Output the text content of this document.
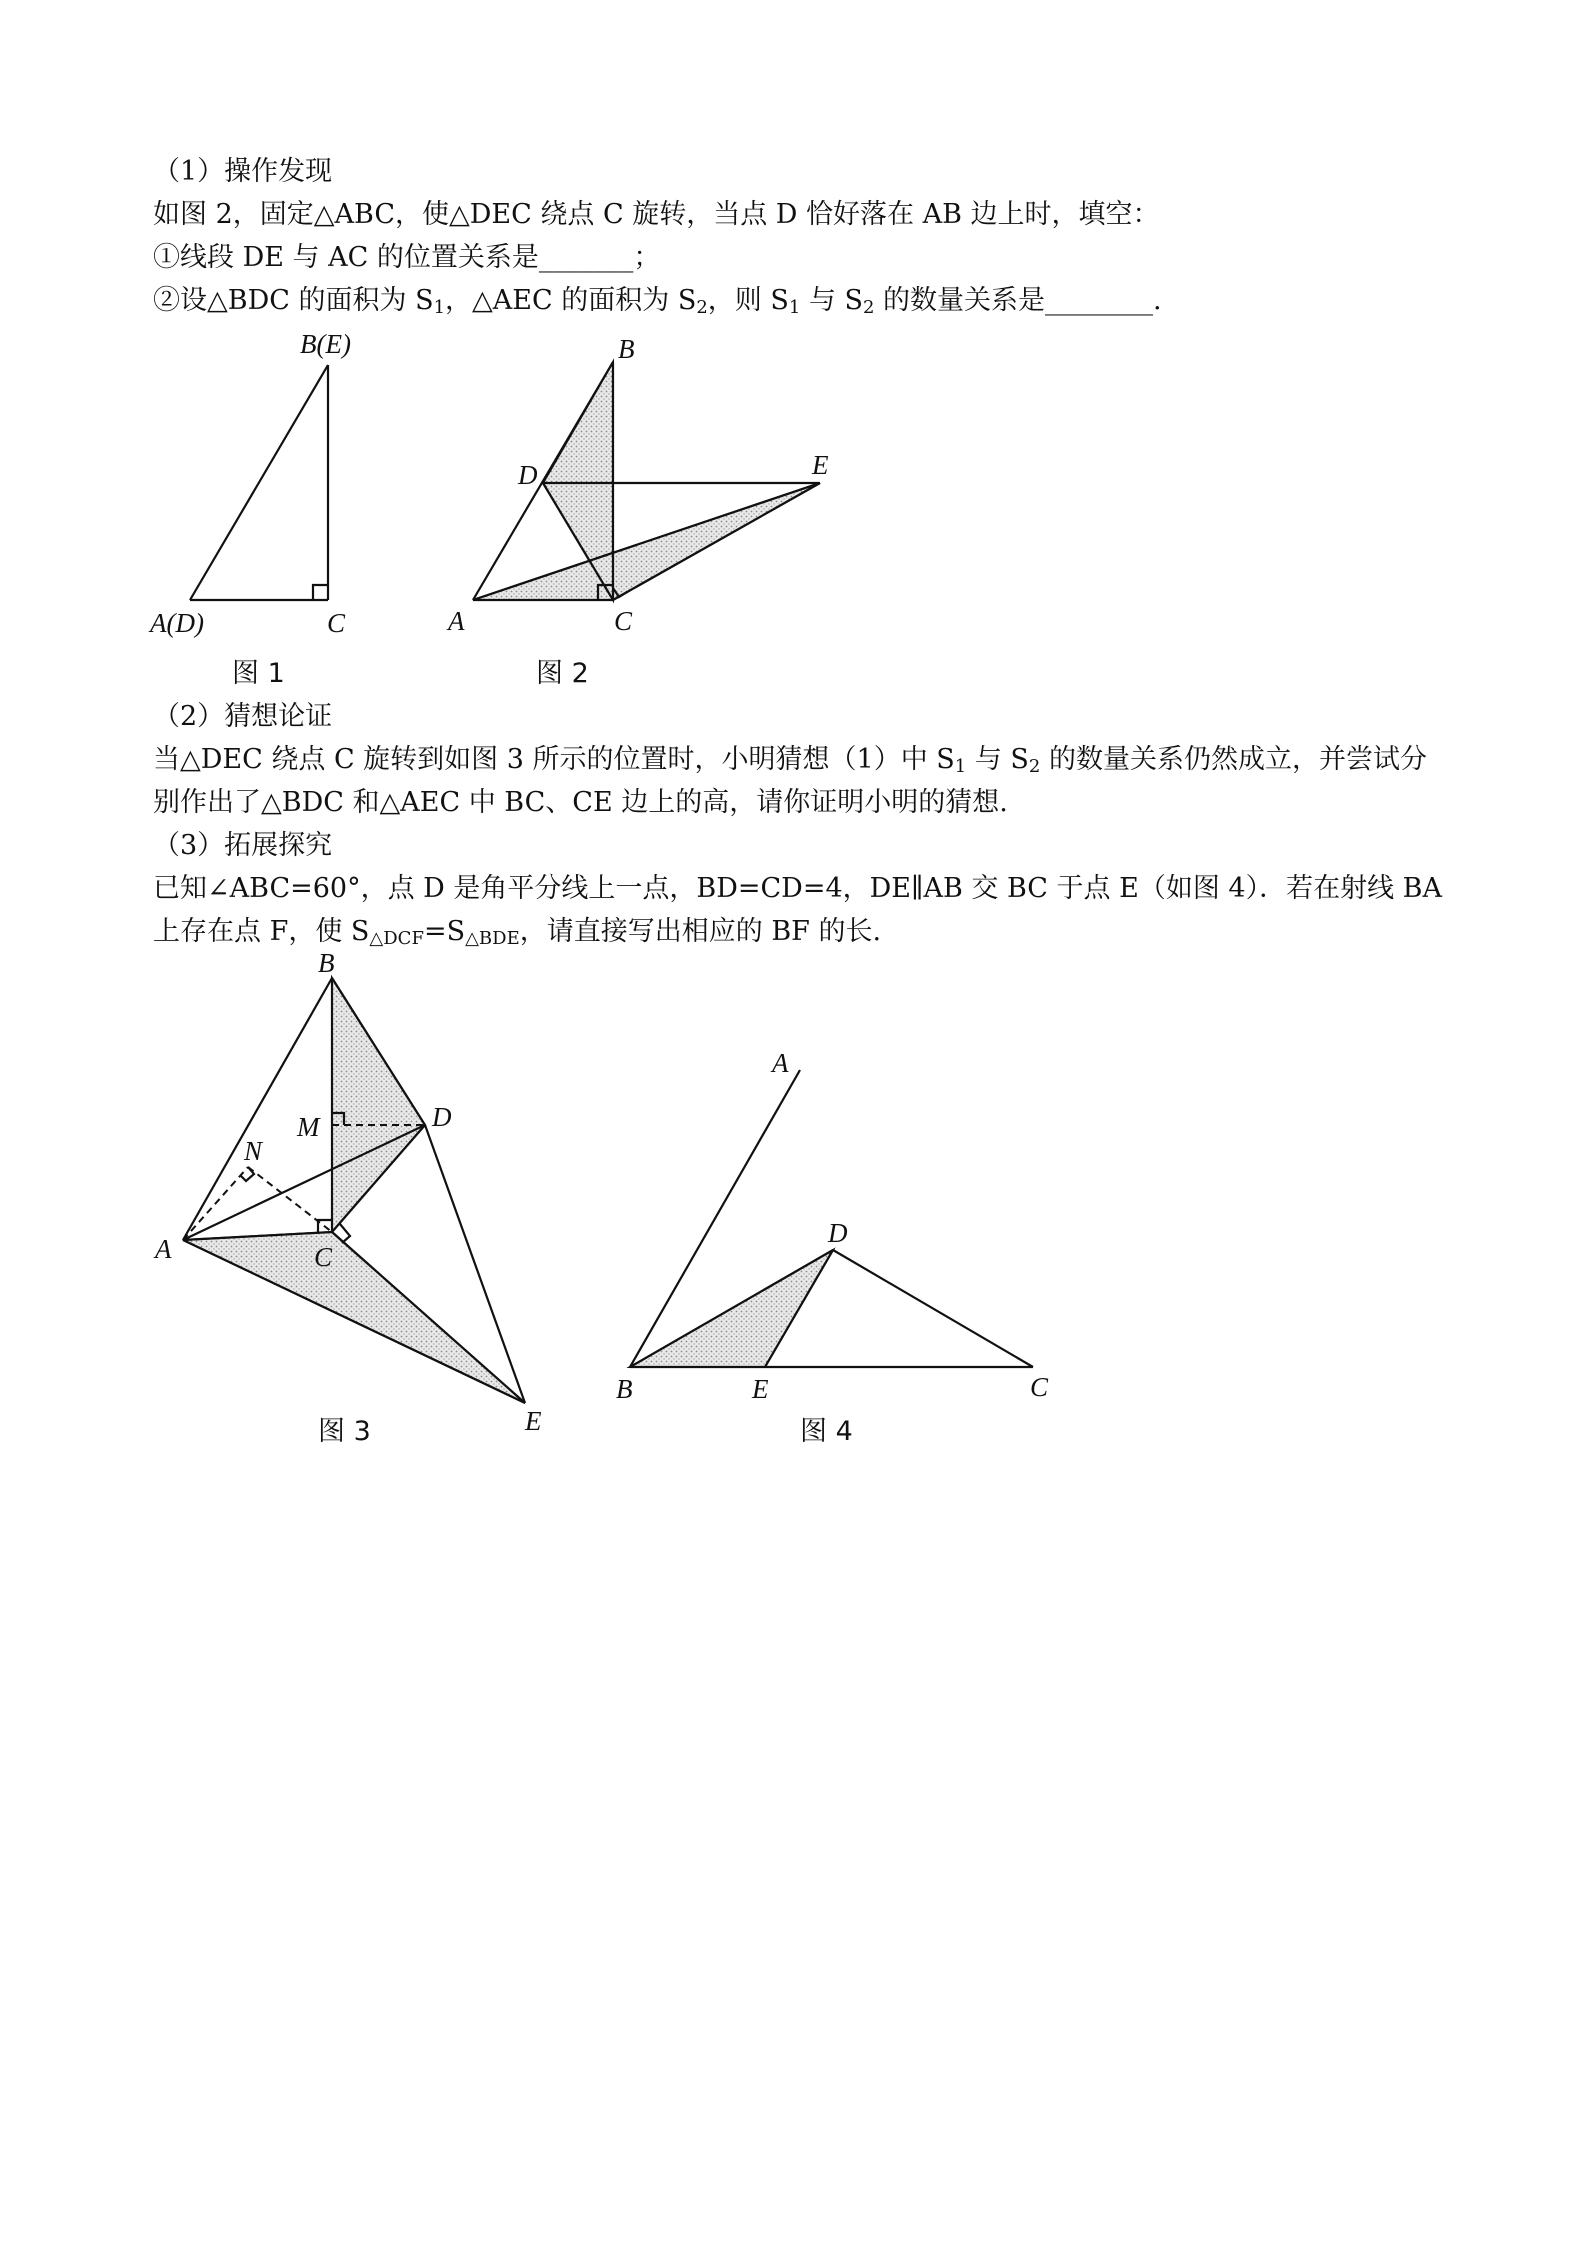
（1）操作发现
如图 2，固定△ABC，使△DEC 绕点 C 旋转，当点 D 恰好落在 AB 边上时，填空：
①线段 DE 与 AC 的位置关系是_______；
②设△BDC 的面积为 $S_1$，△AEC 的面积为 $S_2$，则 $S_1$ 与 $S_2$ 的数量关系是________.
B(E)
A(D)	C
图 1
B
D	E
A	C
图 2
（2）猜想论证
当△DEC 绕点 C 旋转到如图 3 所示的位置时，小明猜想（1）中 $S_1$ 与 $S_2$ 的数量关系仍然成立，并尝试分
别作出了△BDC 和△AEC 中 BC、CE 边上的高，请你证明小明的猜想.
（3）拓展探究
已知∠ABC=60°，点 D 是角平分线上一点，BD=CD=4，DE∥AB 交 BC 于点 E（如图 4）．若在射线 BA
上存在点 F，使 $S_{\triangle DCF}=S_{\triangle BDE}$，请直接写出相应的 BF 的长.
B
M	D
N
A	C
E
图 3
A
D
B	E	C
图 4
